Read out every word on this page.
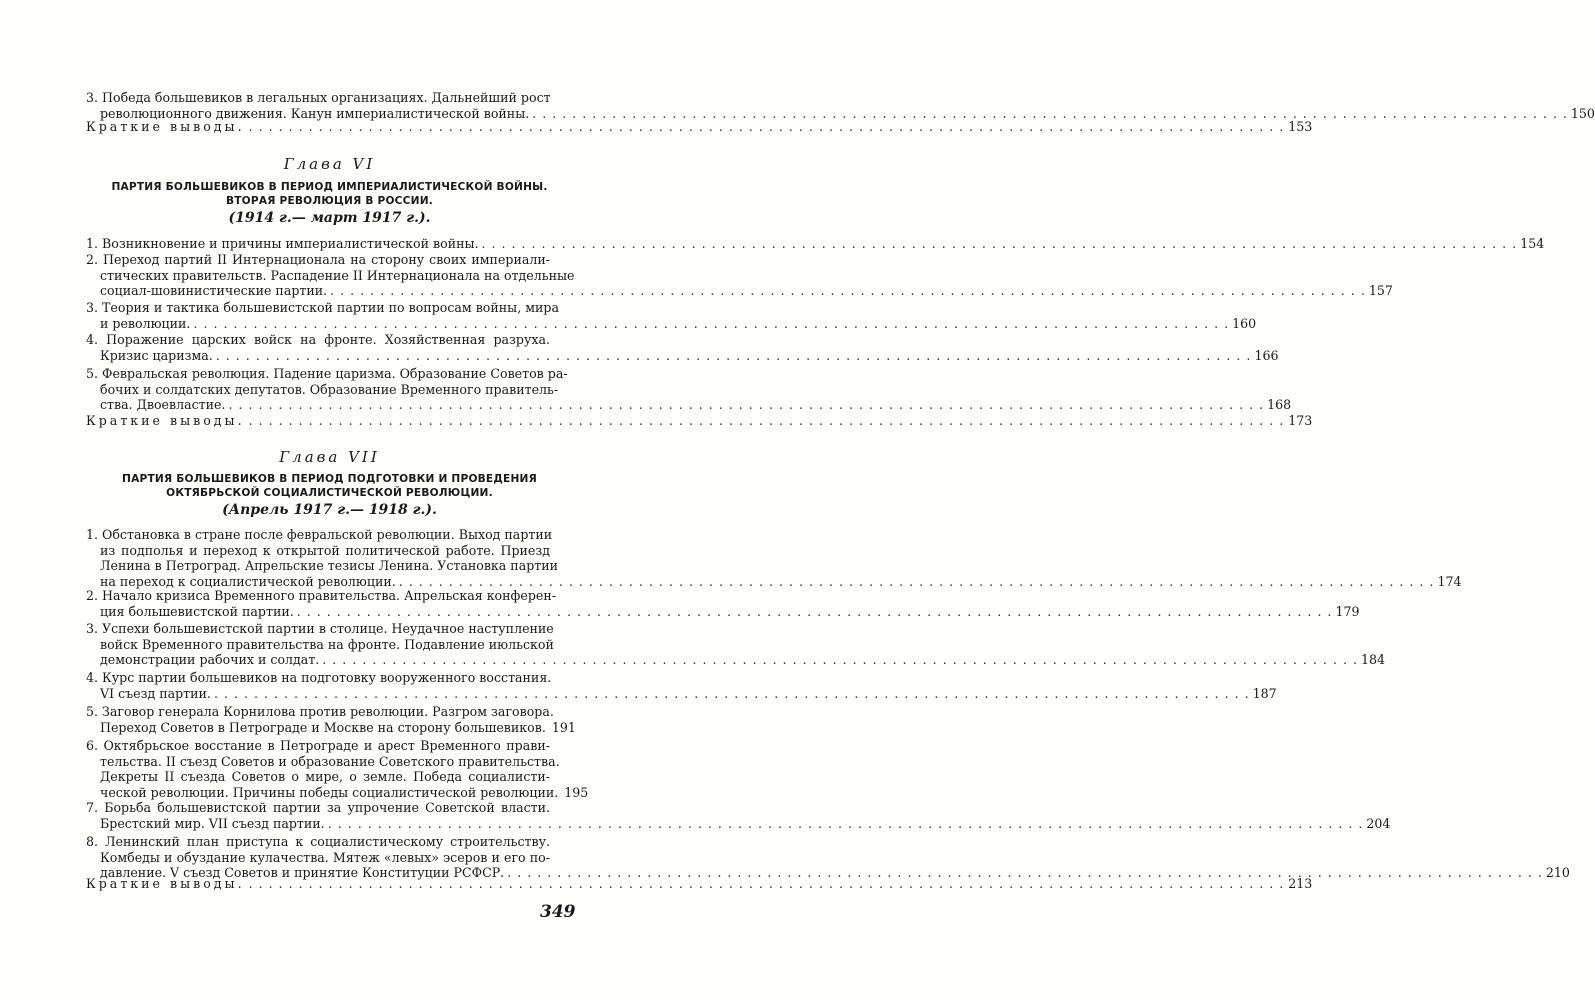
3. Победа большевиков в легальных организациях. Дальнейший рост
революционного движения. Канун империалистической войны. . . . . . . . . . . . . . . . . . . . . . . . . . . . . . . . . . . . . . . . . . . . . . . . . . . . . . . . . . . . . . . . . . . . . . . . . . . . . . . . . . . . . . . . . . . . . . . . . . . . . . . . . 150
Краткие выводы. . . . . . . . . . . . . . . . . . . . . . . . . . . . . . . . . . . . . . . . . . . . . . . . . . . . . . . . . . . . . . . . . . . . . . . . . . . . . . . . . . . . . . . . . . . . . . . . . . . . . . . . . 153
Глава VI
ПАРТИЯ БОЛЬШЕВИКОВ В ПЕРИОД ИМПЕРИАЛИСТИЧЕСКОЙ ВОЙНЫ.
ВТОРАЯ РЕВОЛЮЦИЯ В РОССИИ.
(1914 г.— март 1917 г.).
1. Возникновение и причины империалистической войны. . . . . . . . . . . . . . . . . . . . . . . . . . . . . . . . . . . . . . . . . . . . . . . . . . . . . . . . . . . . . . . . . . . . . . . . . . . . . . . . . . . . . . . . . . . . . . . . . . . . . . . . . 154
2. Переход партий II Интернационала на сторону своих империали-
стических правительств. Распадение II Интернационала на отдельные
социал-шовинистические партии. . . . . . . . . . . . . . . . . . . . . . . . . . . . . . . . . . . . . . . . . . . . . . . . . . . . . . . . . . . . . . . . . . . . . . . . . . . . . . . . . . . . . . . . . . . . . . . . . . . . . . . . . 157
3. Теория и тактика большевистской партии по вопросам войны, мира
и революции. . . . . . . . . . . . . . . . . . . . . . . . . . . . . . . . . . . . . . . . . . . . . . . . . . . . . . . . . . . . . . . . . . . . . . . . . . . . . . . . . . . . . . . . . . . . . . . . . . . . . . . . . 160
4. Поражение царских войск на фронте. Хозяйственная разруха.
Кризис царизма. . . . . . . . . . . . . . . . . . . . . . . . . . . . . . . . . . . . . . . . . . . . . . . . . . . . . . . . . . . . . . . . . . . . . . . . . . . . . . . . . . . . . . . . . . . . . . . . . . . . . . . . . 166
5. Февральская революция. Падение царизма. Образование Советов ра-
бочих и солдатских депутатов. Образование Временного правитель-
ства. Двоевластие. . . . . . . . . . . . . . . . . . . . . . . . . . . . . . . . . . . . . . . . . . . . . . . . . . . . . . . . . . . . . . . . . . . . . . . . . . . . . . . . . . . . . . . . . . . . . . . . . . . . . . . . . 168
Краткие выводы. . . . . . . . . . . . . . . . . . . . . . . . . . . . . . . . . . . . . . . . . . . . . . . . . . . . . . . . . . . . . . . . . . . . . . . . . . . . . . . . . . . . . . . . . . . . . . . . . . . . . . . . . 173
Глава VII
ПАРТИЯ БОЛЬШЕВИКОВ В ПЕРИОД ПОДГОТОВКИ И ПРОВЕДЕНИЯ
ОКТЯБРЬСКОЙ СОЦИАЛИСТИЧЕСКОЙ РЕВОЛЮЦИИ.
(Апрель 1917 г.— 1918 г.).
1. Обстановка в стране после февральской революции. Выход партии
из подполья и переход к открытой политической работе. Приезд
Ленина в Петроград. Апрельские тезисы Ленина. Установка партии
на переход к социалистической революции. . . . . . . . . . . . . . . . . . . . . . . . . . . . . . . . . . . . . . . . . . . . . . . . . . . . . . . . . . . . . . . . . . . . . . . . . . . . . . . . . . . . . . . . . . . . . . . . . . . . . . . . . 174
2. Начало кризиса Временного правительства. Апрельская конферен-
ция большевистской партии. . . . . . . . . . . . . . . . . . . . . . . . . . . . . . . . . . . . . . . . . . . . . . . . . . . . . . . . . . . . . . . . . . . . . . . . . . . . . . . . . . . . . . . . . . . . . . . . . . . . . . . . . 179
3. Успехи большевистской партии в столице. Неудачное наступление
войск Временного правительства на фронте. Подавление июльской
демонстрации рабочих и солдат. . . . . . . . . . . . . . . . . . . . . . . . . . . . . . . . . . . . . . . . . . . . . . . . . . . . . . . . . . . . . . . . . . . . . . . . . . . . . . . . . . . . . . . . . . . . . . . . . . . . . . . . . 184
4. Курс партии большевиков на подготовку вооруженного восстания.
VI съезд партии. . . . . . . . . . . . . . . . . . . . . . . . . . . . . . . . . . . . . . . . . . . . . . . . . . . . . . . . . . . . . . . . . . . . . . . . . . . . . . . . . . . . . . . . . . . . . . . . . . . . . . . . . 187
5. Заговор генерала Корнилова против революции. Разгром заговора.
Переход Советов в Петрограде и Москве на сторону большевиков. 191
6. Октябрьское восстание в Петрограде и арест Временного прави-
тельства. II съезд Советов и образование Советского правительства.
Декреты II съезда Советов о мире, о земле. Победа социалисти-
ческой революции. Причины победы социалистической революции. 195
7. Борьба большевистской партии за упрочение Советской власти.
Брестский мир. VII съезд партии. . . . . . . . . . . . . . . . . . . . . . . . . . . . . . . . . . . . . . . . . . . . . . . . . . . . . . . . . . . . . . . . . . . . . . . . . . . . . . . . . . . . . . . . . . . . . . . . . . . . . . . . . 204
8. Ленинский план приступа к социалистическому строительству.
Комбеды и обуздание кулачества. Мятеж «левых» эсеров и его по-
давление. V съезд Советов и принятие Конституции РСФСР. . . . . . . . . . . . . . . . . . . . . . . . . . . . . . . . . . . . . . . . . . . . . . . . . . . . . . . . . . . . . . . . . . . . . . . . . . . . . . . . . . . . . . . . . . . . . . . . . . . . . . . . . 210
Краткие выводы. . . . . . . . . . . . . . . . . . . . . . . . . . . . . . . . . . . . . . . . . . . . . . . . . . . . . . . . . . . . . . . . . . . . . . . . . . . . . . . . . . . . . . . . . . . . . . . . . . . . . . . . . 213
349
